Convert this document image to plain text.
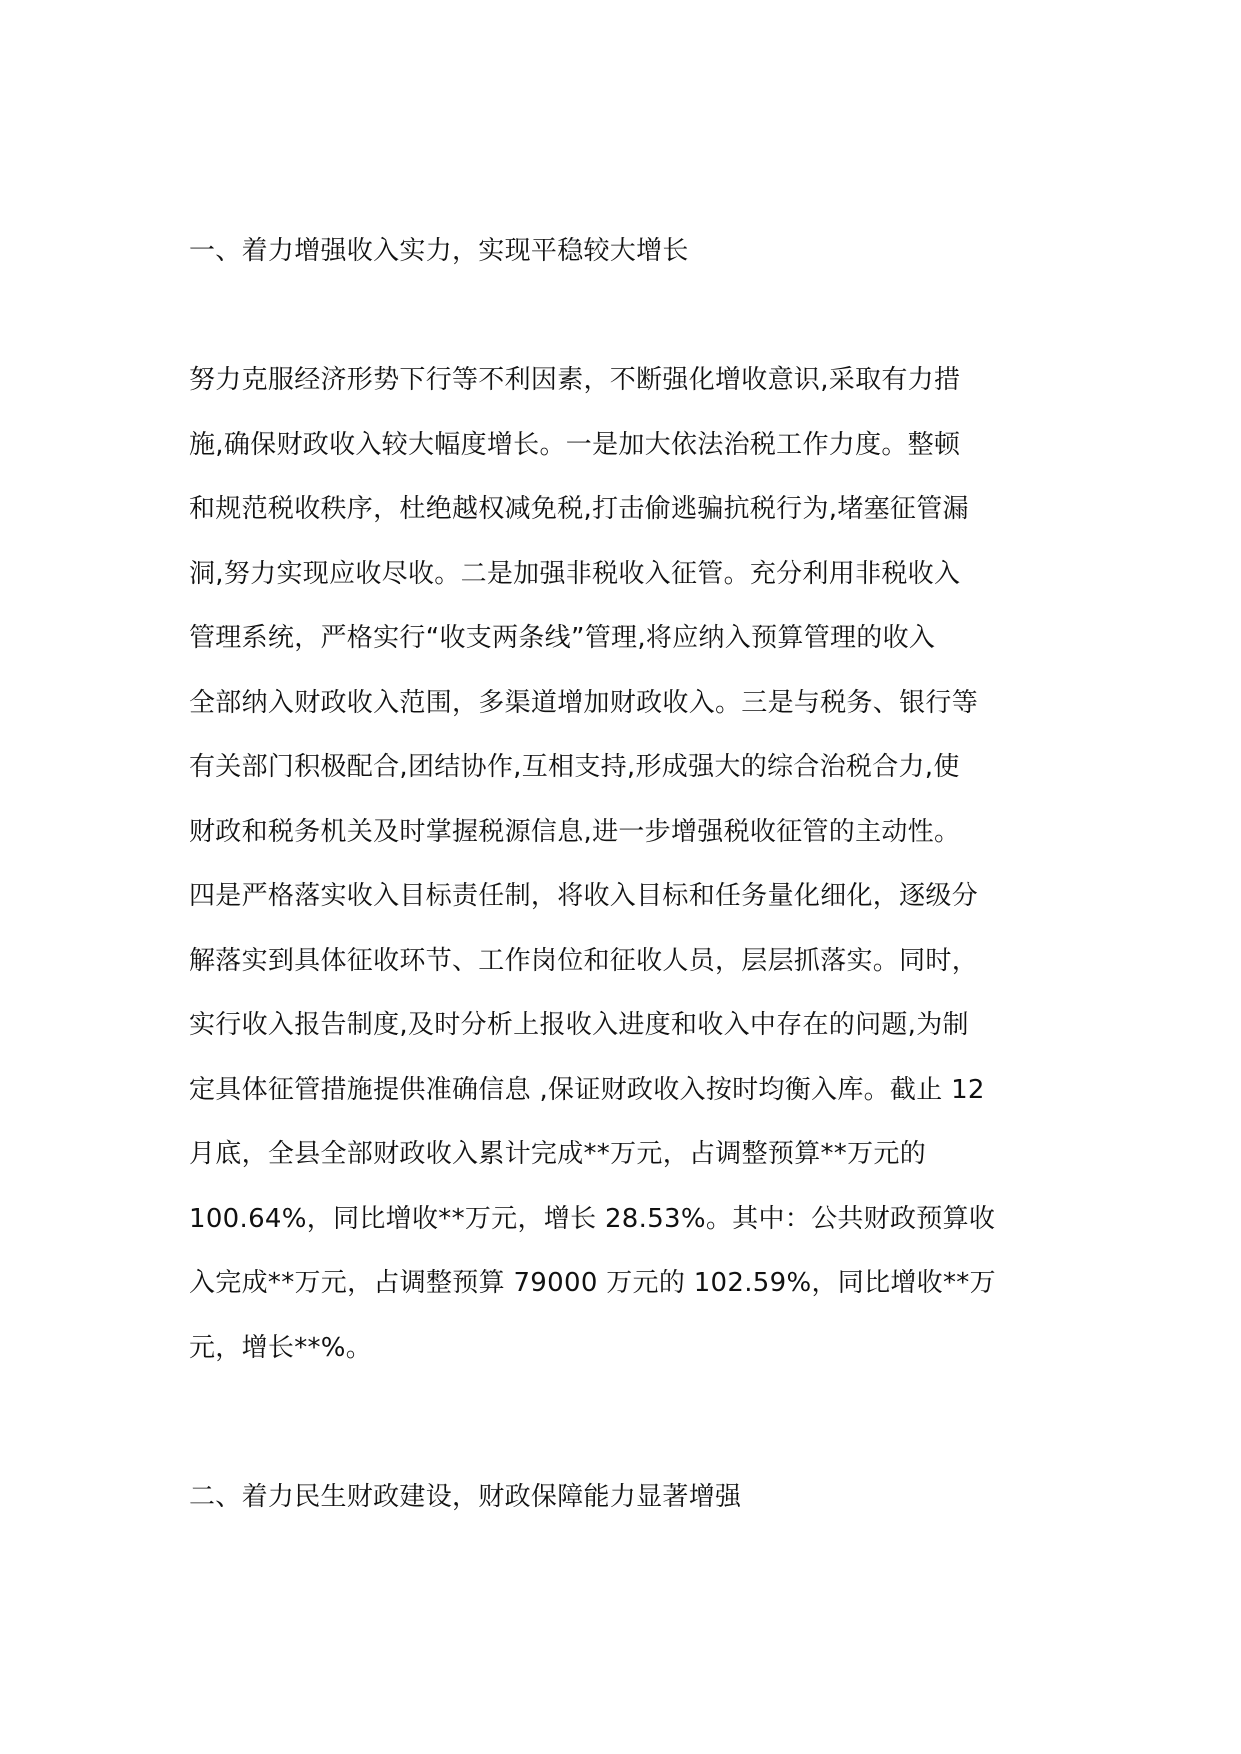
一、着力增强收入实力，实现平稳较大增长
努力克服经济形势下行等不利因素，不断强化增收意识,采取有力措
施,确保财政收入较大幅度增长。一是加大依法治税工作力度。整顿
和规范税收秩序，杜绝越权减免税,打击偷逃骗抗税行为,堵塞征管漏
洞,努力实现应收尽收。二是加强非税收入征管。充分利用非税收入
管理系统，严格实行“收支两条线”管理,将应纳入预算管理的收入
全部纳入财政收入范围，多渠道增加财政收入。三是与税务、银行等
有关部门积极配合,团结协作,互相支持,形成强大的综合治税合力,使
财政和税务机关及时掌握税源信息,进一步增强税收征管的主动性。
四是严格落实收入目标责任制，将收入目标和任务量化细化，逐级分
解落实到具体征收环节、工作岗位和征收人员，层层抓落实。同时，
实行收入报告制度,及时分析上报收入进度和收入中存在的问题,为制
定具体征管措施提供准确信息 ,保证财政收入按时均衡入库。截止 12
月底，全县全部财政收入累计完成**万元，占调整预算**万元的
100.64%，同比增收**万元，增长 28.53%。其中：公共财政预算收
入完成**万元，占调整预算 79000 万元的 102.59%，同比增收**万
元，增长**%。
二、着力民生财政建设，财政保障能力显著增强
